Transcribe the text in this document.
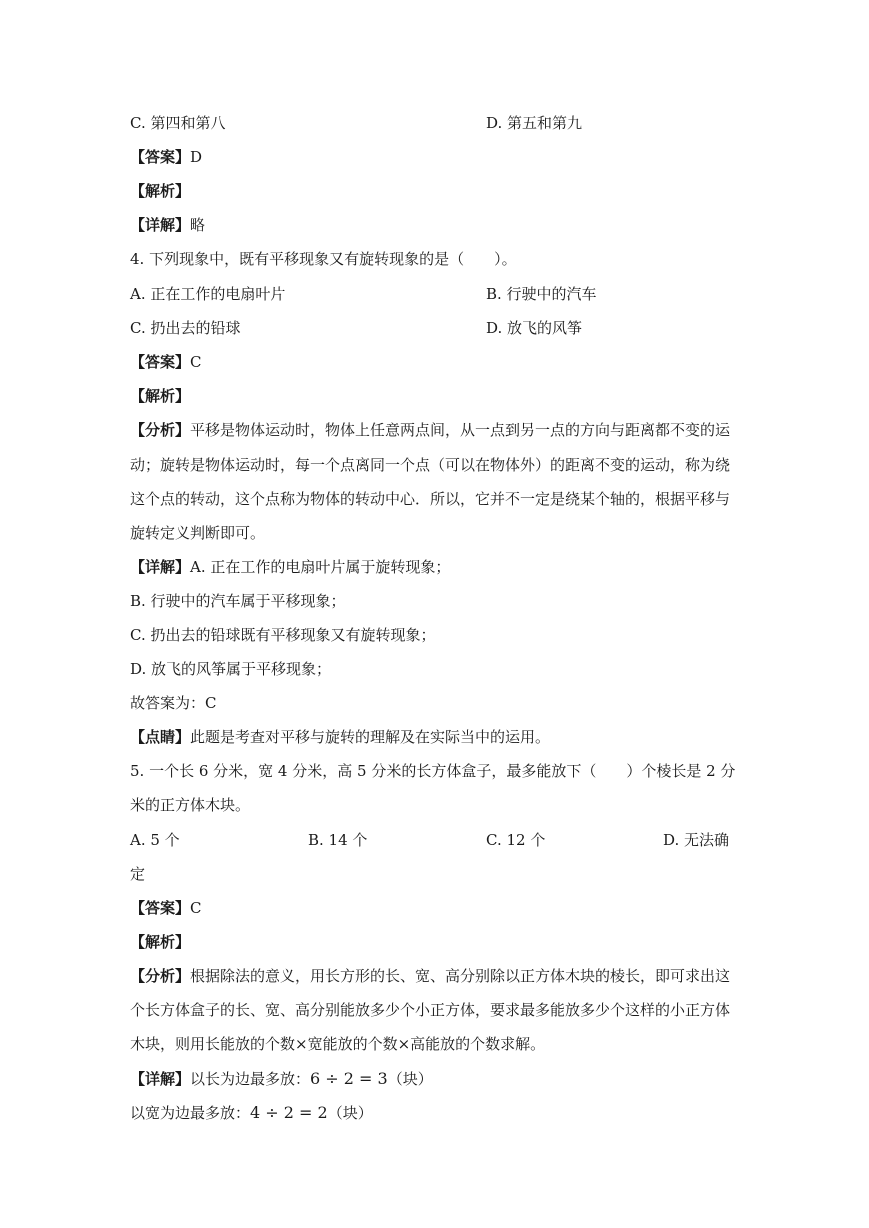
C. 第四和第八	D. 第五和第九
【答案】D
【解析】
【详解】略
4. 下列现象中，既有平移现象又有旋转现象的是（　　）。
A. 正在工作的电扇叶片	B. 行驶中的汽车
C. 扔出去的铅球	D. 放飞的风筝
【答案】C
【解析】
【分析】平移是物体运动时，物体上任意两点间，从一点到另一点的方向与距离都不变的运
动；旋转是物体运动时，每一个点离同一个点（可以在物体外）的距离不变的运动，称为绕
这个点的转动，这个点称为物体的转动中心．所以，它并不一定是绕某个轴的，根据平移与
旋转定义判断即可。
【详解】A. 正在工作的电扇叶片属于旋转现象；
B. 行驶中的汽车属于平移现象；
C. 扔出去的铅球既有平移现象又有旋转现象；
D. 放飞的风筝属于平移现象；
故答案为：C
【点睛】此题是考查对平移与旋转的理解及在实际当中的运用。
5. 一个长 6 分米，宽 4 分米，高 5 分米的长方体盒子，最多能放下（　　）个棱长是 2 分
米的正方体木块。
A. 5 个	B. 14 个	C. 12 个	D. 无法确
定
【答案】C
【解析】
【分析】根据除法的意义，用长方形的长、宽、高分别除以正方体木块的棱长，即可求出这
个长方体盒子的长、宽、高分别能放多少个小正方体，要求最多能放多少个这样的小正方体
木块，则用长能放的个数×宽能放的个数×高能放的个数求解。
【详解】以长为边最多放：6 ÷ 2 = 3（块）
以宽为边最多放：4 ÷ 2 = 2（块）
